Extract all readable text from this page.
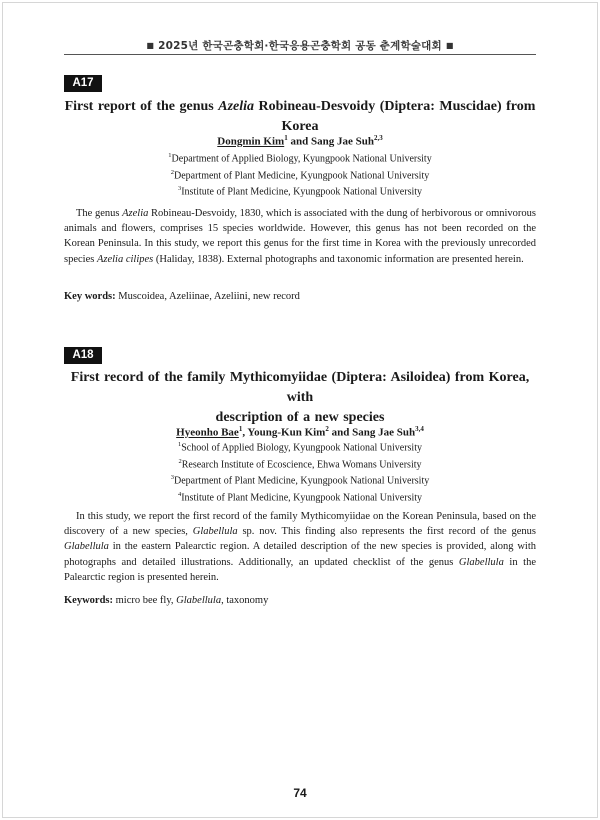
■ 2025년 한국곤충학회·한국응용곤충학회 공동 춘계학술대회 ■
A17
First report of the genus Azelia Robineau-Desvoidy (Diptera: Muscidae) from Korea
Dongmin Kim$^1$ and Sang Jae Suh$^{2,3}$
$^1$Department of Applied Biology, Kyungpook National University
$^2$Department of Plant Medicine, Kyungpook National University
$^3$Institute of Plant Medicine, Kyungpook National University

The genus Azelia Robineau-Desvoidy, 1830, which is associated with the dung of herbivorous or omnivorous animals and flowers, comprises 15 species worldwide. However, this genus has not been recorded on the Korean Peninsula. In this study, we report this genus for the first time in Korea with the previously unrecorded species Azelia cilipes (Haliday, 1838). External photographs and taxonomic information are presented herein.

Key words: Muscoidea, Azeliinae, Azeliini, new record
A18
First record of the family Mythicomyiidae (Diptera: Asiloidea) from Korea, with
description of a new species
Hyeonho Bae$^1$, Young-Kun Kim$^2$ and Sang Jae Suh$^{3,4}$
$^1$School of Applied Biology, Kyungpook National University
$^2$Research Institute of Ecoscience, Ehwa Womans University
$^3$Department of Plant Medicine, Kyungpook National University
$^4$Institute of Plant Medicine, Kyungpook National University

In this study, we report the first record of the family Mythicomyiidae on the Korean Peninsula, based on the discovery of a new species, Glabellula sp. nov. This finding also represents the first record of the genus Glabellula in the eastern Palearctic region. A detailed description of the new species is provided, along with photographs and detailed illustrations. Additionally, an updated checklist of the genus Glabellula in the Palearctic region is presented herein.

Keywords: micro bee fly, Glabellula, taxonomy
74
